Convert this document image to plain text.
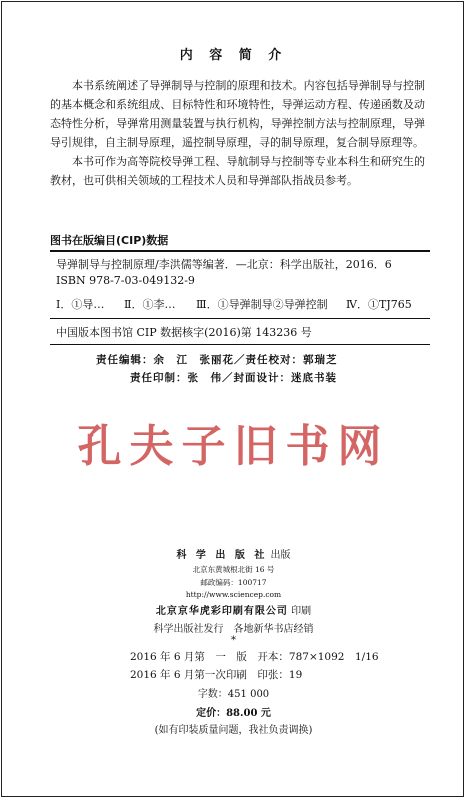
内 容 简 介

本书系统阐述了导弹制导与控制的原理和技术。内容包括导弹制导与控制的基本概念和系统组成、目标特性和环境特性，导弹运动方程、传递函数及动态特性分析，导弹常用测量装置与执行机构，导弹控制方法与控制原理，导弹导引规律，自主制导原理，遥控制导原理，寻的制导原理，复合制导原理等。

本书可作为高等院校导弹工程、导航制导与控制等专业本科生和研究生的教材，也可供相关领域的工程技术人员和导弹部队指战员参考。

图书在版编目(CIP)数据
导弹制导与控制原理/李洪儒等编著．—北京：科学出版社，2016．6
ISBN 978-7-03-049132-9
Ⅰ．①导… Ⅱ．①李… Ⅲ．①导弹制导②导弹控制 Ⅳ．①TJ765
中国版本图书馆 CIP 数据核字(2016)第 143236 号
责任编辑：余　江　张丽花／责任校对：郭瑞芝
责任印制：张　伟／封面设计：迷底书装
孔夫子旧书网
科 学 出 版 社 出版
北京东黄城根北街 16 号
邮政编码：100717
http://www.sciencep.com
北京京华虎彩印刷有限公司 印刷
科学出版社发行　各地新华书店经销
*
2016 年 6 月第　一　版　开本：787×1092　1/16
2016 年 6 月第一次印刷　印张：19
字数：451 000
定价：88.00 元
(如有印装质量问题，我社负责调换)
